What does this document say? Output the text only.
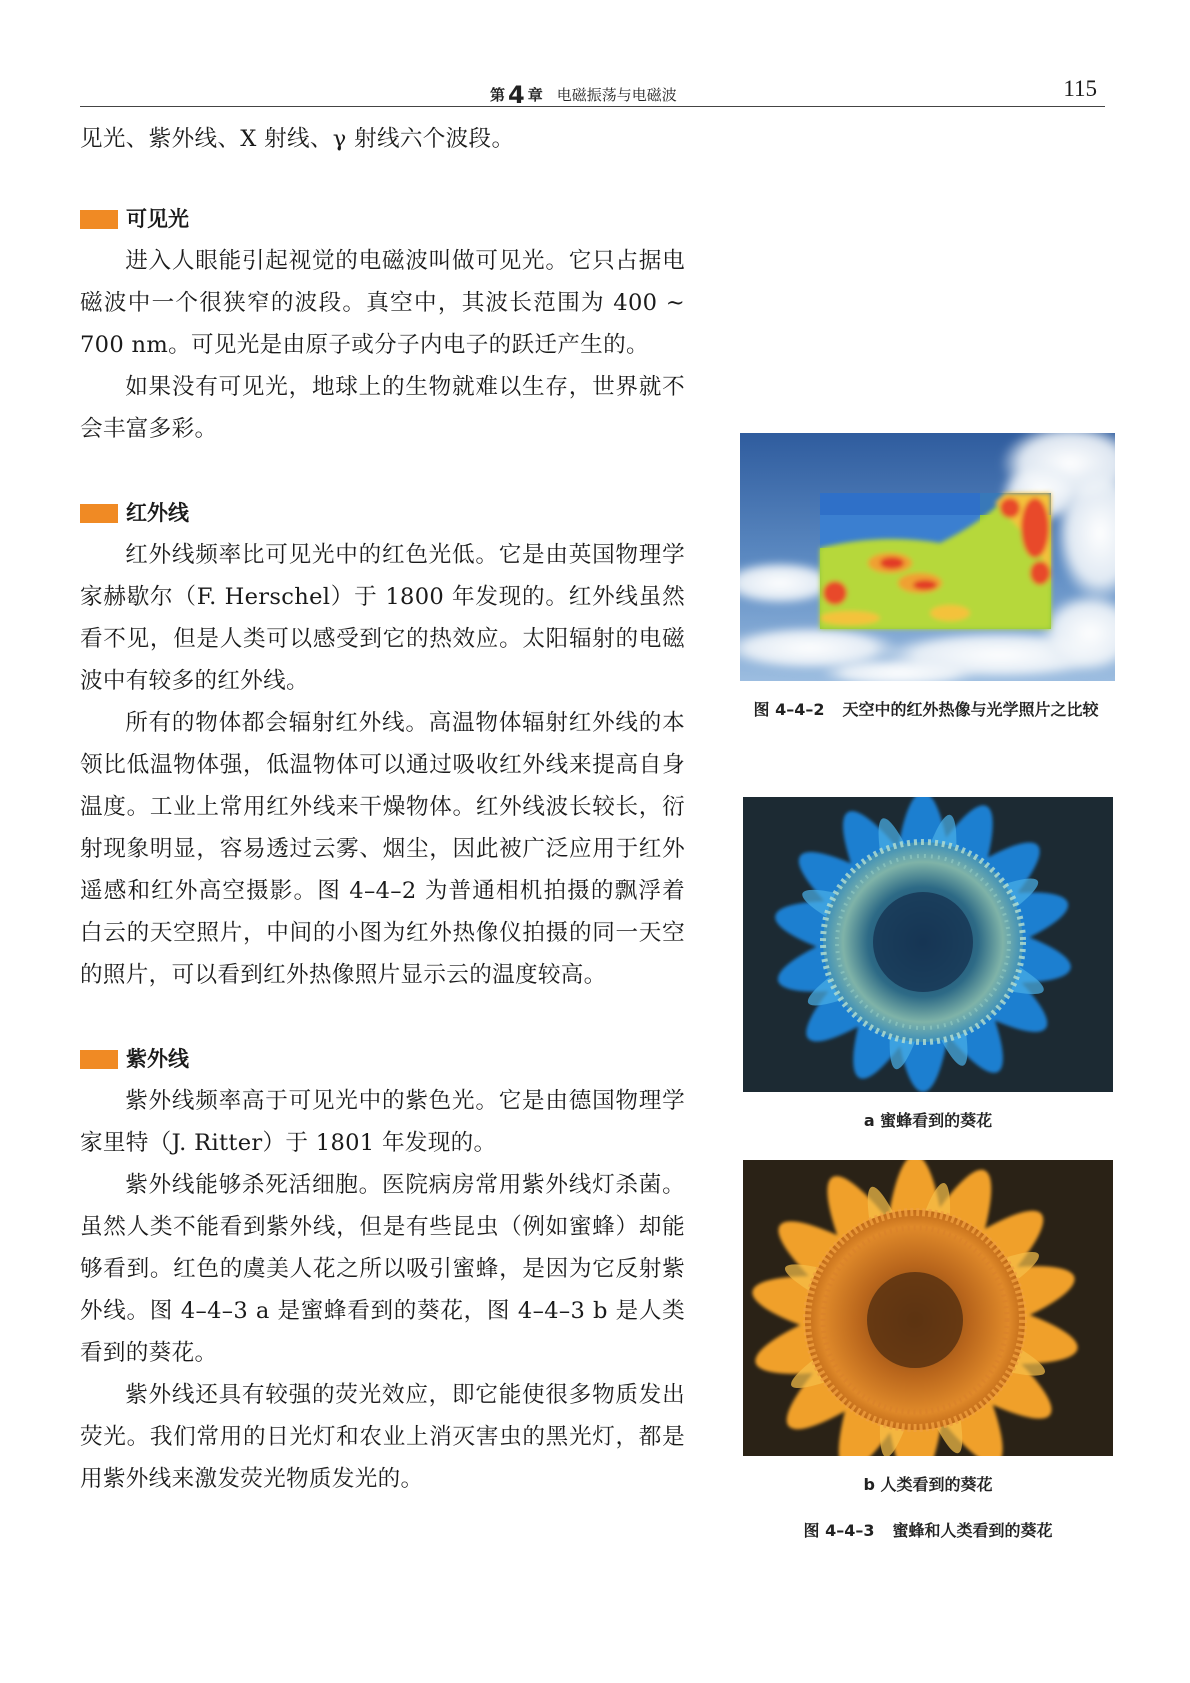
第 4 章 电磁振荡与电磁波	115

见光、紫外线、X 射线、γ 射线六个波段。

可见光

进入人眼能引起视觉的电磁波叫做可见光。它只占据电磁波中一个很狭窄的波段。真空中，其波长范围为 400 ~ 700 nm。可见光是由原子或分子内电子的跃迁产生的。

如果没有可见光，地球上的生物就难以生存，世界就不会丰富多彩。

红外线

红外线频率比可见光中的红色光低。它是由英国物理学家赫歇尔（F. Herschel）于 1800 年发现的。红外线虽然看不见，但是人类可以感受到它的热效应。太阳辐射的电磁波中有较多的红外线。

所有的物体都会辐射红外线。高温物体辐射红外线的本领比低温物体强，低温物体可以通过吸收红外线来提高自身温度。工业上常用红外线来干燥物体。红外线波长较长，衍射现象明显，容易透过云雾、烟尘，因此被广泛应用于红外遥感和红外高空摄影。图 4–4–2 为普通相机拍摄的飘浮着白云的天空照片，中间的小图为红外热像仪拍摄的同一天空的照片，可以看到红外热像照片显示云的温度较高。

紫外线

紫外线频率高于可见光中的紫色光。它是由德国物理学家里特（J. Ritter）于 1801 年发现的。

紫外线能够杀死活细胞。医院病房常用紫外线灯杀菌。虽然人类不能看到紫外线，但是有些昆虫（例如蜜蜂）却能够看到。红色的虞美人花之所以吸引蜜蜂，是因为它反射紫外线。图 4–4–3 a 是蜜蜂看到的葵花，图 4–4–3 b 是人类看到的葵花。

紫外线还具有较强的荧光效应，即它能使很多物质发出荧光。我们常用的日光灯和农业上消灭害虫的黑光灯，都是用紫外线来激发荧光物质发光的。

图 4–4–2 天空中的红外热像与光学照片之比较
a 蜜蜂看到的葵花
b 人类看到的葵花
图 4–4–3 蜜蜂和人类看到的葵花
